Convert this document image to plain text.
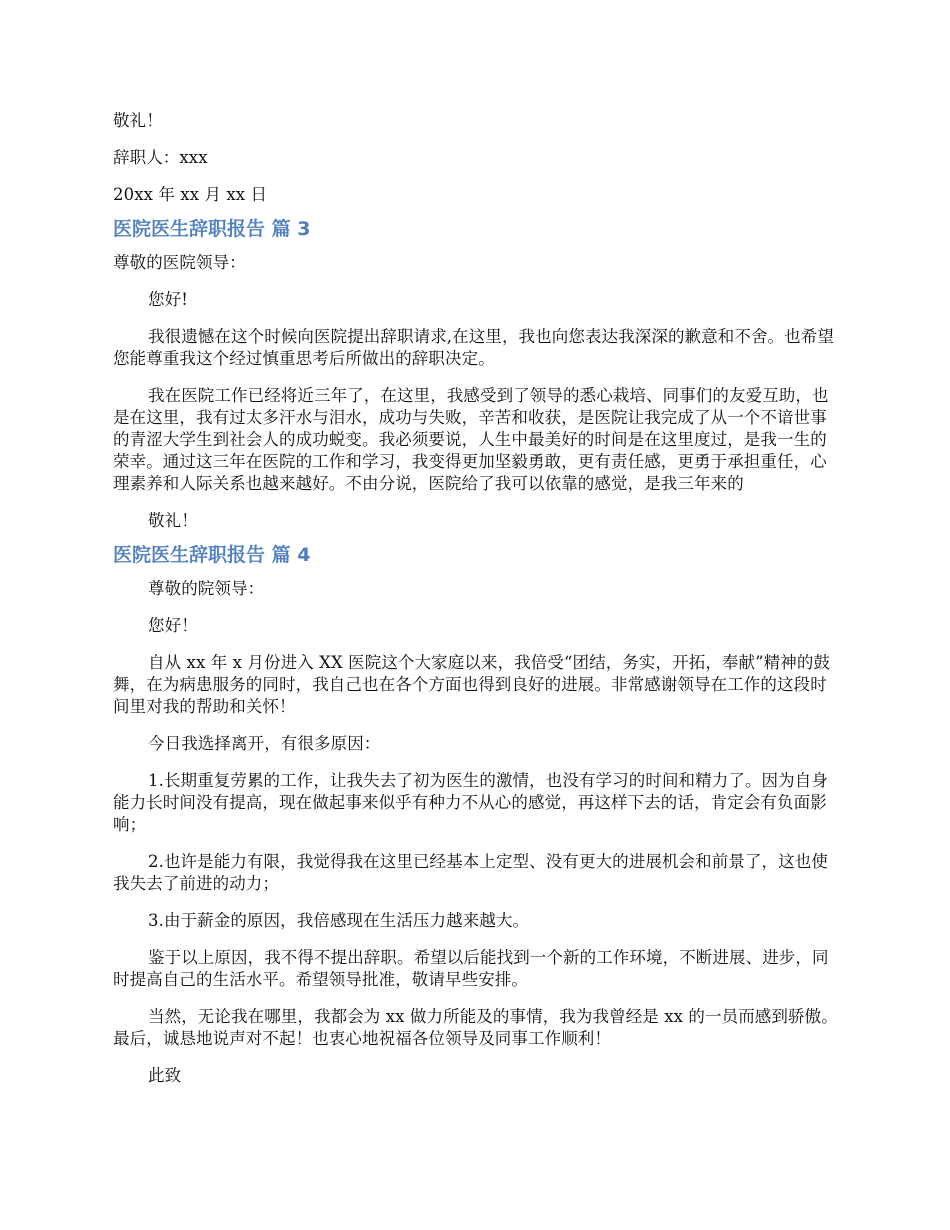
敬礼！

辞职人：xxx

20xx 年 xx 月 xx 日

医院医生辞职报告 篇 3

尊敬的医院领导：

您好!

我很遗憾在这个时候向医院提出辞职请求,在这里，我也向您表达我深深的歉意和不舍。也希望您能尊重我这个经过慎重思考后所做出的辞职决定。

我在医院工作已经将近三年了，在这里，我感受到了领导的悉心栽培、同事们的友爱互助，也是在这里，我有过太多汗水与泪水，成功与失败，辛苦和收获，是医院让我完成了从一个不谙世事的青涩大学生到社会人的成功蜕变。我必须要说，人生中最美好的时间是在这里度过，是我一生的荣幸。通过这三年在医院的工作和学习，我变得更加坚毅勇敢，更有责任感，更勇于承担重任，心理素养和人际关系也越来越好。不由分说，医院给了我可以依靠的感觉，是我三年来的

敬礼！

医院医生辞职报告 篇 4

尊敬的院领导：

您好！

自从 xx 年 x 月份进入 XX 医院这个大家庭以来，我倍受“团结，务实，开拓，奉献”精神的鼓舞，在为病患服务的同时，我自己也在各个方面也得到良好的进展。非常感谢领导在工作的这段时间里对我的帮助和关怀！

今日我选择离开，有很多原因：

1.长期重复劳累的工作，让我失去了初为医生的激情，也没有学习的时间和精力了。因为自身能力长时间没有提高，现在做起事来似乎有种力不从心的感觉，再这样下去的话，肯定会有负面影响；

2.也许是能力有限，我觉得我在这里已经基本上定型、没有更大的进展机会和前景了，这也使我失去了前进的动力；

3.由于薪金的原因，我倍感现在生活压力越来越大。

鉴于以上原因，我不得不提出辞职。希望以后能找到一个新的工作环境，不断进展、进步，同时提高自己的生活水平。希望领导批准，敬请早些安排。

当然，无论我在哪里，我都会为 xx 做力所能及的事情，我为我曾经是 xx 的一员而感到骄傲。最后，诚恳地说声对不起！也衷心地祝福各位领导及同事工作顺利！

此致
